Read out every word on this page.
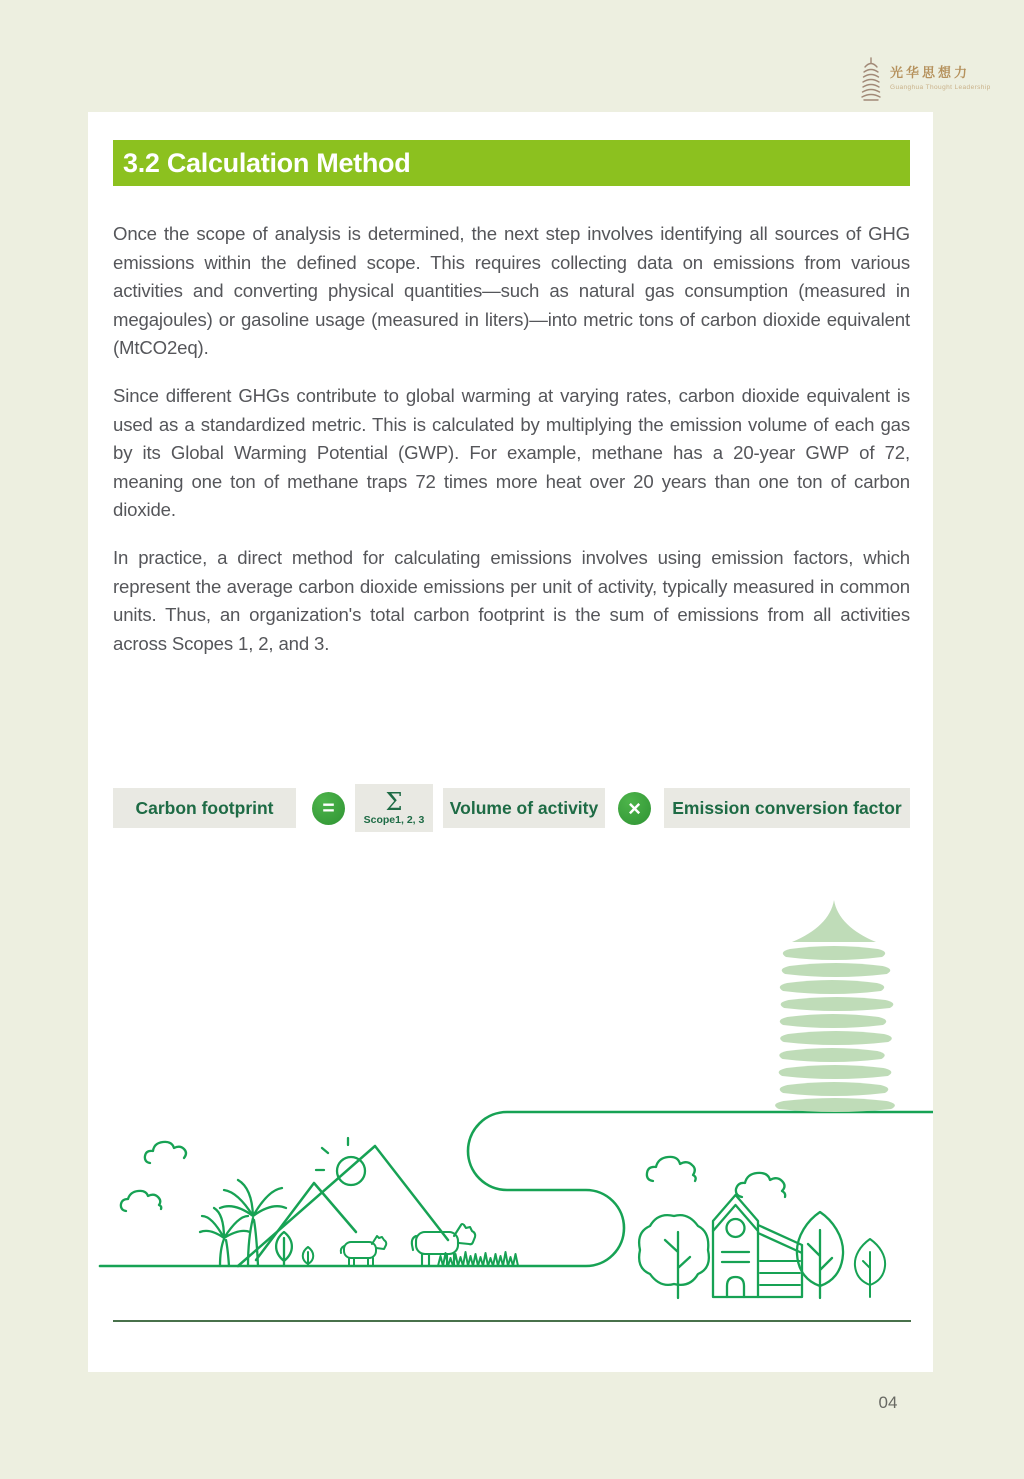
光华思想力
Guanghua Thought Leadership
3.2 Calculation Method

Once the scope of analysis is determined, the next step involves identifying all sources of GHG emissions within the defined scope. This requires collecting data on emissions from various activities and converting physical quantities—such as natural gas consumption (measured in megajoules) or gasoline usage (measured in liters)—into metric tons of carbon dioxide equivalent (MtCO2eq).

Since different GHGs contribute to global warming at varying rates, carbon dioxide equivalent is used as a standardized metric. This is calculated by multiplying the emission volume of each gas by its Global Warming Potential (GWP). For example, methane has a 20-year GWP of 72, meaning one ton of methane traps 72 times more heat over 20 years than one ton of carbon dioxide.

In practice, a direct method for calculating emissions involves using emission factors, which represent the average carbon dioxide emissions per unit of activity, typically measured in common units. Thus, an organization's total carbon footprint is the sum of emissions from all activities across Scopes 1, 2, and 3.

Carbon footprint	=	Σ
Scope1, 2, 3
Volume of activity	×	Emission conversion factor
04
